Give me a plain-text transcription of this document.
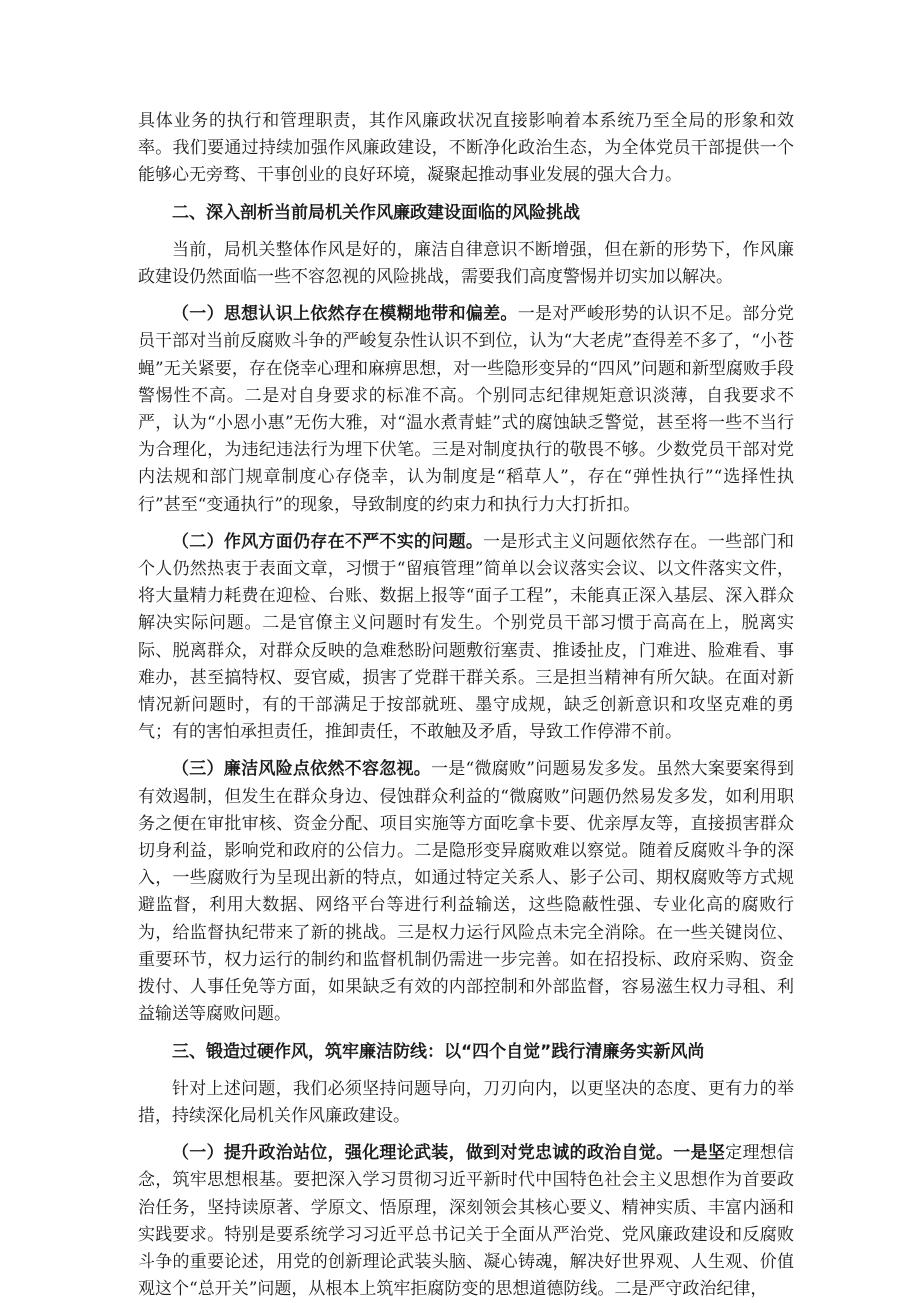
具体业务的执行和管理职责，其作风廉政状况直接影响着本系统乃至全局的形象和效率。我们要通过持续加强作风廉政建设，不断净化政治生态，为全体党员干部提供一个能够心无旁骛、干事创业的良好环境，凝聚起推动事业发展的强大合力。

二、深入剖析当前局机关作风廉政建设面临的风险挑战

当前，局机关整体作风是好的，廉洁自律意识不断增强，但在新的形势下，作风廉政建设仍然面临一些不容忽视的风险挑战，需要我们高度警惕并切实加以解决。

（一）思想认识上依然存在模糊地带和偏差。一是对严峻形势的认识不足。部分党员干部对当前反腐败斗争的严峻复杂性认识不到位，认为“大老虎”查得差不多了，“小苍蝇”无关紧要，存在侥幸心理和麻痹思想，对一些隐形变异的“四风”问题和新型腐败手段警惕性不高。二是对自身要求的标准不高。个别同志纪律规矩意识淡薄，自我要求不严，认为“小恩小惠”无伤大雅，对“温水煮青蛙”式的腐蚀缺乏警觉，甚至将一些不当行为合理化，为违纪违法行为埋下伏笔。三是对制度执行的敬畏不够。少数党员干部对党内法规和部门规章制度心存侥幸，认为制度是“稻草人”，存在“弹性执行”“选择性执行”甚至“变通执行”的现象，导致制度的约束力和执行力大打折扣。

（二）作风方面仍存在不严不实的问题。一是形式主义问题依然存在。一些部门和个人仍然热衷于表面文章，习惯于“留痕管理”简单以会议落实会议、以文件落实文件，将大量精力耗费在迎检、台账、数据上报等“面子工程”，未能真正深入基层、深入群众解决实际问题。二是官僚主义问题时有发生。个别党员干部习惯于高高在上，脱离实际、脱离群众，对群众反映的急难愁盼问题敷衍塞责、推诿扯皮，门难进、脸难看、事难办，甚至搞特权、耍官威，损害了党群干群关系。三是担当精神有所欠缺。在面对新情况新问题时，有的干部满足于按部就班、墨守成规，缺乏创新意识和攻坚克难的勇气；有的害怕承担责任，推卸责任，不敢触及矛盾，导致工作停滞不前。

（三）廉洁风险点依然不容忽视。一是“微腐败”问题易发多发。虽然大案要案得到有效遏制，但发生在群众身边、侵蚀群众利益的“微腐败”问题仍然易发多发，如利用职务之便在审批审核、资金分配、项目实施等方面吃拿卡要、优亲厚友等，直接损害群众切身利益，影响党和政府的公信力。二是隐形变异腐败难以察觉。随着反腐败斗争的深入，一些腐败行为呈现出新的特点，如通过特定关系人、影子公司、期权腐败等方式规避监督，利用大数据、网络平台等进行利益输送，这些隐蔽性强、专业化高的腐败行为，给监督执纪带来了新的挑战。三是权力运行风险点未完全消除。在一些关键岗位、重要环节，权力运行的制约和监督机制仍需进一步完善。如在招投标、政府采购、资金拨付、人事任免等方面，如果缺乏有效的内部控制和外部监督，容易滋生权力寻租、利益输送等腐败问题。

三、锻造过硬作风，筑牢廉洁防线：以“四个自觉”践行清廉务实新风尚

针对上述问题，我们必须坚持问题导向，刀刃向内，以更坚决的态度、更有力的举措，持续深化局机关作风廉政建设。

（一）提升政治站位，强化理论武装，做到对党忠诚的政治自觉。一是坚定理想信念，筑牢思想根基。要把深入学习贯彻习近平新时代中国特色社会主义思想作为首要政治任务，坚持读原著、学原文、悟原理，深刻领会其核心要义、精神实质、丰富内涵和实践要求。特别是要系统学习习近平总书记关于全面从严治党、党风廉政建设和反腐败斗争的重要论述，用党的创新理论武装头脑、凝心铸魂，解决好世界观、人生观、价值观这个“总开关”问题，从根本上筑牢拒腐防变的思想道德防线。二是严守政治纪律，
